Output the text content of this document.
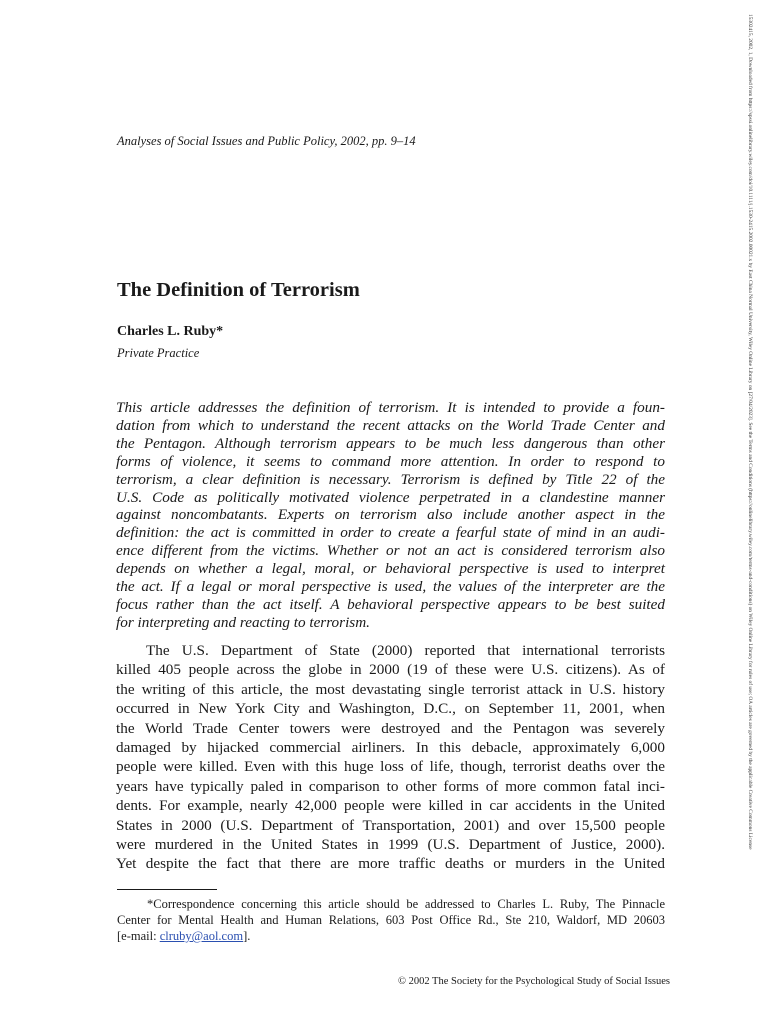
Analyses of Social Issues and Public Policy, 2002, pp. 9–14
The Definition of Terrorism
Charles L. Ruby*
Private Practice
This article addresses the definition of terrorism. It is intended to provide a foun-
dation from which to understand the recent attacks on the World Trade Center and
the Pentagon. Although terrorism appears to be much less dangerous than other
forms of violence, it seems to command more attention. In order to respond to
terrorism, a clear definition is necessary. Terrorism is defined by Title 22 of the
U.S. Code as politically motivated violence perpetrated in a clandestine manner
against noncombatants. Experts on terrorism also include another aspect in the
definition: the act is committed in order to create a fearful state of mind in an audi-
ence different from the victims. Whether or not an act is considered terrorism also
depends on whether a legal, moral, or behavioral perspective is used to interpret
the act. If a legal or moral perspective is used, the values of the interpreter are the
focus rather than the act itself. A behavioral perspective appears to be best suited
for interpreting and reacting to terrorism.
The U.S. Department of State (2000) reported that international terrorists
killed 405 people across the globe in 2000 (19 of these were U.S. citizens). As of
the writing of this article, the most devastating single terrorist attack in U.S. history
occurred in New York City and Washington, D.C., on September 11, 2001, when
the World Trade Center towers were destroyed and the Pentagon was severely
damaged by hijacked commercial airliners. In this debacle, approximately 6,000
people were killed. Even with this huge loss of life, though, terrorist deaths over the
years have typically paled in comparison to other forms of more common fatal inci-
dents. For example, nearly 42,000 people were killed in car accidents in the United
States in 2000 (U.S. Department of Transportation, 2001) and over 15,500 people
were murdered in the United States in 1999 (U.S. Department of Justice, 2000).
Yet despite the fact that there are more traffic deaths or murders in the United
*Correspondence concerning this article should be addressed to Charles L. Ruby, The Pinnacle
Center for Mental Health and Human Relations, 603 Post Office Rd., Ste 210, Waldorf, MD 20603
[e-mail: clruby@aol.com].
© 2002 The Society for the Psychological Study of Social Issues
15302415, 2002, 1, Downloaded from https://spssi.onlinelibrary.wiley.com/doi/10.1111/j.1530-2415.2002.00021.x by East China Normal University, Wiley Online Library on [27/04/2023]. See the Terms and Conditions (https://onlinelibrary.wiley.com/terms-and-conditions) on Wiley Online Library for rules of use; OA articles are governed by the applicable Creative Commons License
